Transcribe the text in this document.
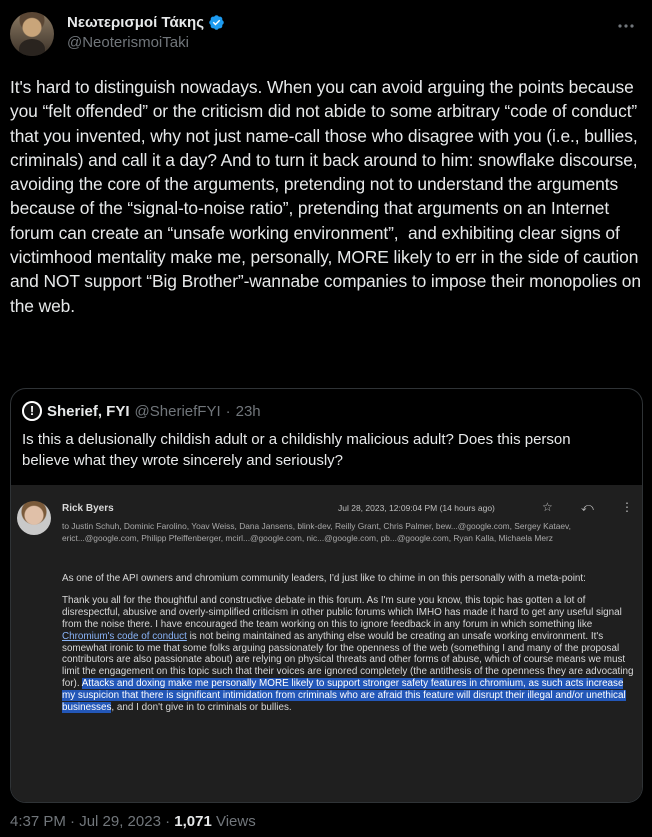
Νεωτερισμοί Τάκης
@NeoterismoiTaki
It's hard to distinguish nowadays. When you can avoid arguing the points because you “felt offended” or the criticism did not abide to some arbitrary “code of conduct” that you invented, why not just name-call those who disagree with you (i.e., bullies, criminals) and call it a day? And to turn it back around to him: snowflake discourse, avoiding the core of the arguments, pretending not to understand the arguments because of the “signal-to-noise ratio”, pretending that arguments on an Internet forum can create an “unsafe working environment”,  and exhibiting clear signs of victimhood mentality make me, personally, MORE likely to err in the side of caution and NOT support “Big Brother”-wannabe companies to impose their monopolies on the web.
!
Sherief, FYI @SheriefFYI · 23h
Is this a delusionally childish adult or a childishly malicious adult? Does this person believe what they wrote sincerely and seriously?
Rick Byers	Jul 28, 2023, 12:09:04 PM (14 hours ago)	☆ ⤺ ⋮
to Justin Schuh, Dominic Farolino, Yoav Weiss, Dana Jansens, blink-dev, Reilly Grant, Chris Palmer, bew...@google.com, Sergey Kataev, erict...@google.com, Philipp Pfeiffenberger, mcirl...@google.com, nic...@google.com, pb...@google.com, Ryan Kalla, Michaela Merz

As one of the API owners and chromium community leaders, I'd just like to chime in on this personally with a meta-point:

Thank you all for the thoughtful and constructive debate in this forum. As I'm sure you know, this topic has gotten a lot of disrespectful, abusive and overly-simplified criticism in other public forums which IMHO has made it hard to get any useful signal from the noise there. I have encouraged the team working on this to ignore feedback in any forum in which something like Chromium's code of conduct is not being maintained as anything else would be creating an unsafe working environment. It's somewhat ironic to me that some folks arguing passionately for the openness of the web (something I and many of the proposal contributors are also passionate about) are relying on physical threats and other forms of abuse, which of course means we must limit the engagement on this topic such that their voices are ignored completely (the antithesis of the openness they are advocating for). Attacks and doxing make me personally MORE likely to support stronger safety features in chromium, as such acts increase my suspicion that there is significant intimidation from criminals who are afraid this feature will disrupt their illegal and/or unethical businesses, and I don't give in to criminals or bullies.

4:37 PM · Jul 29, 2023 · 1,071 Views
